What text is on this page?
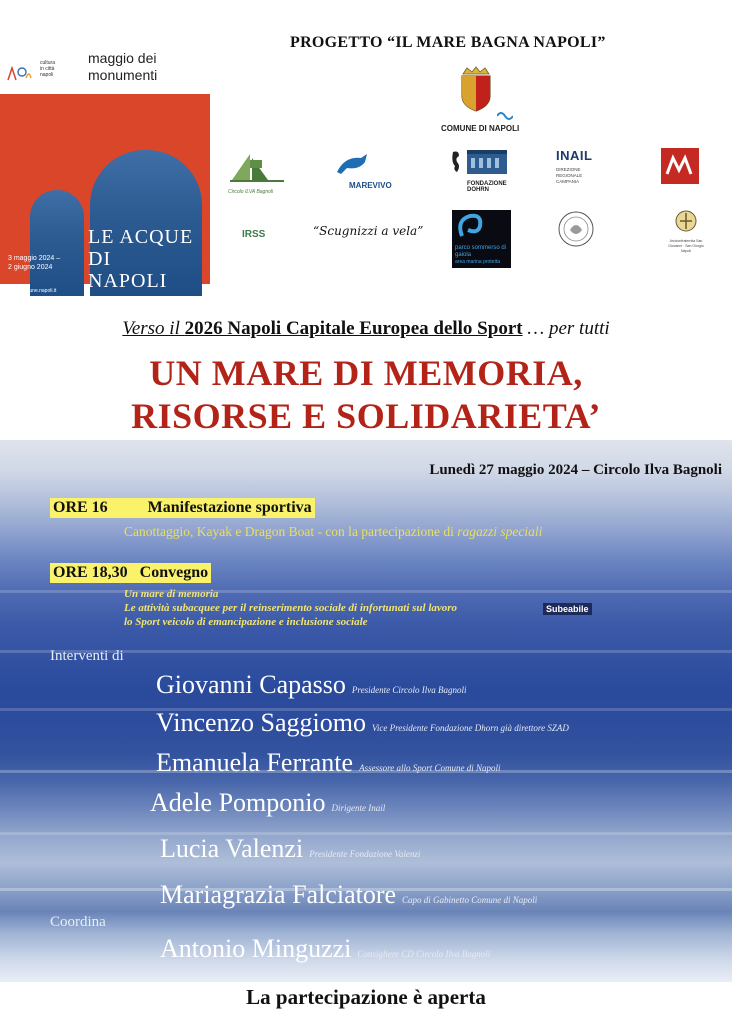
cultura
in città
napoli
maggio dei
monumenti
LE ACQUE DI
NAPOLI
3 maggio 2024 –
2 giugno 2024
www.comune.napoli.it
PROGETTO “IL MARE BAGNA NAPOLI”
COMUNE DI NAPOLI
Circolo ILVA Bagnoli
MAREVIVO	FONDAZIONE DOHRN
INAIL
DIREZIONE REGIONALE CAMPANIA
IRSS	“Scugnizzi a vela”
parco sommerso di gaiola
area marina protetta
Arciconfraternita San Giovanni · San Giorgio Napoli
Verso il 2026 Napoli Capitale Europea dello Sport … per tutti
UN MARE DI MEMORIA,
RISORSE E SOLIDARIETA’
Lunedì 27 maggio 2024 – Circolo Ilva Bagnoli
ORE 16	Manifestazione sportiva
Canottaggio, Kayak e Dragon Boat - con la partecipazione di ragazzi speciali
ORE 18,30 Convegno
Un mare di memoria
Le attività subacquee per il reinserimento sociale di infortunati sul lavoro
lo Sport veicolo di emancipazione e inclusione sociale
Subeabile
Interventi di
Giovanni Capasso Presidente Circolo Ilva Bagnoli
Vincenzo Saggiomo Vice Presidente Fondazione Dhorn già direttore SZAD
Emanuela Ferrante Assessore allo Sport Comune di Napoli
Adele Pomponio Dirigente Inail
Lucia Valenzi Presidente Fondazione Valenzi
Mariagrazia Falciatore Capo di Gabinetto Comune di Napoli
Coordina
Antonio Minguzzi Consigliere CD Circolo Ilva Bagnoli
La partecipazione è aperta
